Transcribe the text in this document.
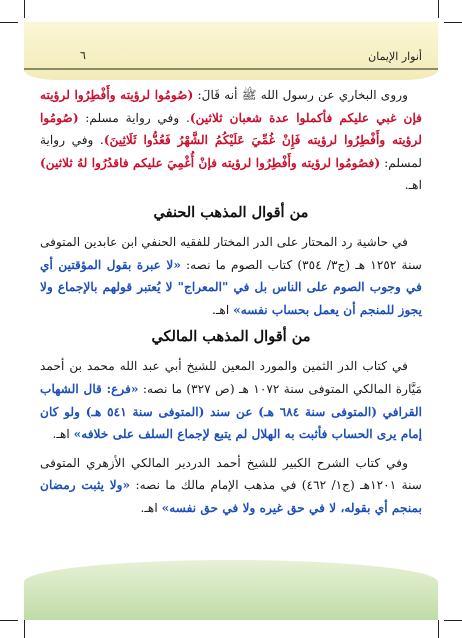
أنوار الإيمان
٦

وروى البخاري عن رسول الله ﷺ أنه قَالَ: (صُومُوا لرؤيته وأَفْطِرُوا لرؤيته فإن غبي عليكم فأكملوا عدة شعبان ثلاثين). وفي رواية مسلم: (صُومُوا لرؤيته وأَفْطِرُوا لرؤيته فَإِنْ غُمِّيَ عَلَيْكُمُ الشَّهْرُ فَعُدُّوا ثَلَاثِينَ). وفي رواية لمسلم: (فصُومُوا لرؤيته وأَفْطِرُوا لرؤيته فإنْ أُغْمِيَ عليكم فاقدُرُوا لهُ ثلاثين) اهـ.

من أقوال المذهب الحنفي

في حاشية رد المحتار على الدر المختار للفقيه الحنفي ابن عابدين المتوفى سنة ١٢٥٢ هـ (ج٣/ ٣٥٤) كتاب الصوم ما نصه: «لا عبرة بقول المؤقتين أي في وجوب الصوم على الناس بل في "المعراج" لا يُعتبر قولهم بالإجماع ولا يجوز للمنجم أن يعمل بحساب نفسه» اهـ.

من أقوال المذهب المالكي

في كتاب الدر الثمين والمورد المعين للشيخ أبي عبد الله محمد بن أحمد مَيَّارة المالكي المتوفى سنة ١٠٧٢ هـ (ص ٣٢٧) ما نصه: «فرع: قال الشهاب القرافي (المتوفى سنة ٦٨٤ هـ) عن سند (المتوفى سنة ٥٤١ هـ) ولو كان إمام يرى الحساب فأثبت به الهلال لم يتبع لإجماع السلف على خلافه» اهـ.

وفي كتاب الشرح الكبير للشيخ أحمد الدردير المالكي الأزهري المتوفى سنة ١٢٠١هـ (ج١/ ٤٦٢) في مذهب الإمام مالك ما نصه: «ولا يثبت رمضان بمنجم أي بقوله، لا في حق غيره ولا في حق نفسه» اهـ.
